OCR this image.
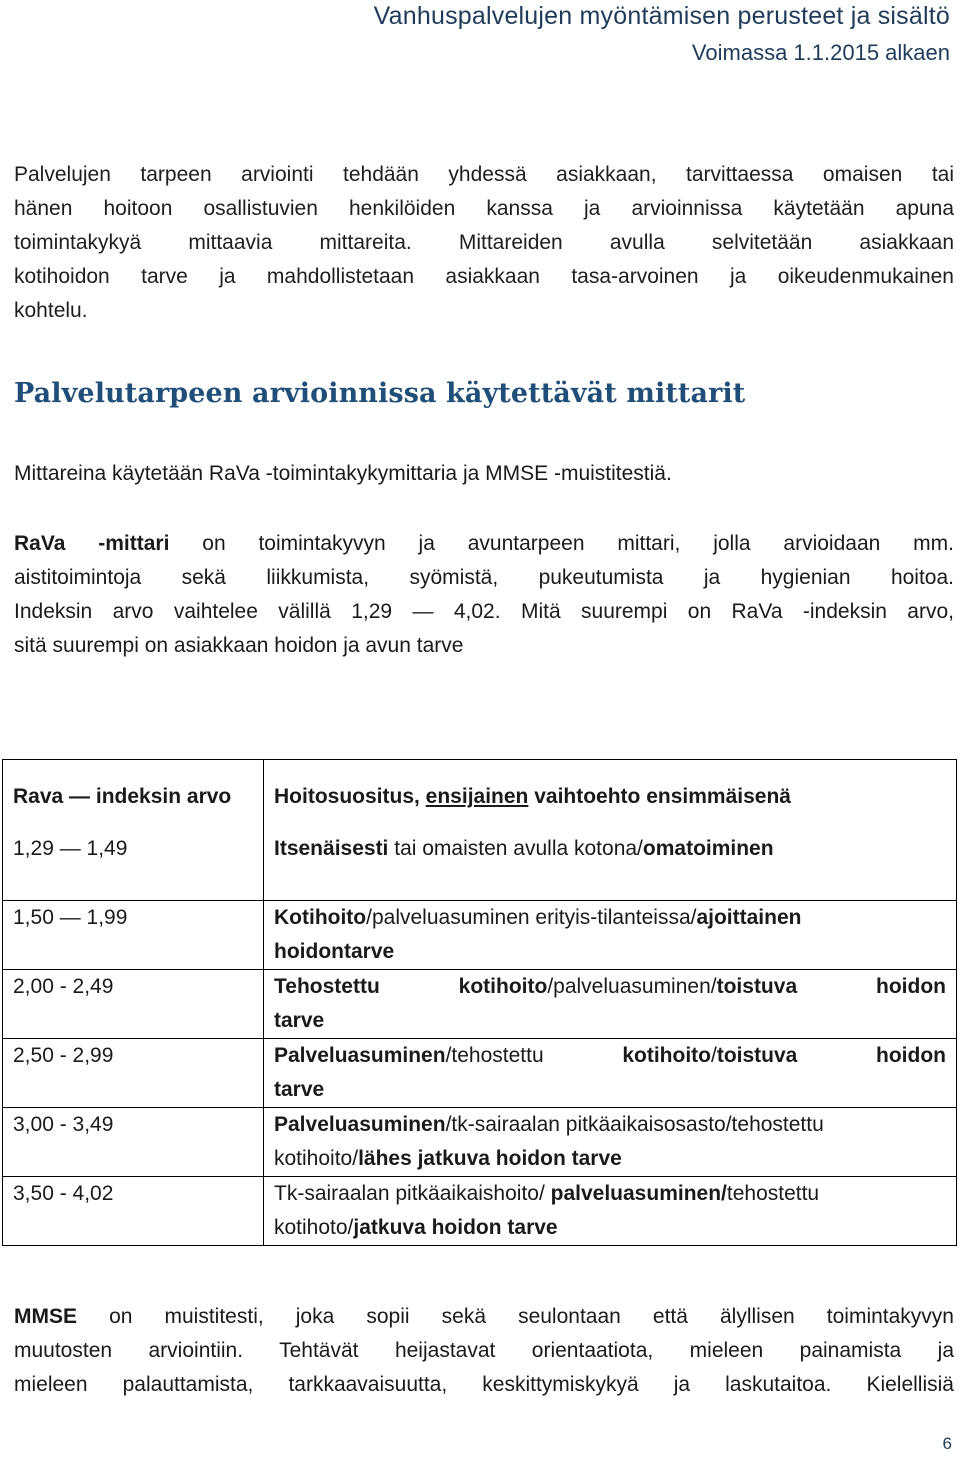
Vanhuspalvelujen myöntämisen perusteet ja sisältö
Voimassa 1.1.2015 alkaen
Palvelujen tarpeen arviointi tehdään yhdessä asiakkaan, tarvittaessa omaisen tai
hänen hoitoon osallistuvien henkilöiden kanssa ja arvioinnissa käytetään apuna
toimintakykyä mittaavia mittareita. Mittareiden avulla selvitetään asiakkaan
kotihoidon tarve ja mahdollistetaan asiakkaan tasa-arvoinen ja oikeudenmukainen
kohtelu.
Palvelutarpeen arvioinnissa käytettävät mittarit
Mittareina käytetään RaVa -toimintakykymittaria ja MMSE -muistitestiä.
RaVa -mittari on toimintakyvyn ja avuntarpeen mittari, jolla arvioidaan mm.
aistitoimintoja sekä liikkumista, syömistä, pukeutumista ja hygienian hoitoa.
Indeksin arvo vaihtelee välillä 1,29 — 4,02. Mitä suurempi on RaVa -indeksin arvo,
sitä suurempi on asiakkaan hoidon ja avun tarve
Rava — indeksin arvo	Hoitosuositus, ensijainen vaihtoehto ensimmäisenä
1,29 — 1,49	Itsenäisesti tai omaisten avulla kotona/omatoiminen
1,50 — 1,99	Kotihoito/palveluasuminen erityis-tilanteissa/ajoittainen
hoidontarve
2,00 - 2,49	Tehostettu kotihoito/palveluasuminen/toistuva hoidon
tarve
2,50 - 2,99	Palveluasuminen/tehostettu kotihoito/toistuva hoidon
tarve
3,00 - 3,49	Palveluasuminen/tk-sairaalan pitkäaikaisosasto/tehostettu
kotihoito/lähes jatkuva hoidon tarve
3,50 - 4,02	Tk-sairaalan pitkäaikaishoito/ palveluasuminen/tehostettu
kotihoto/jatkuva hoidon tarve
MMSE on muistitesti, joka sopii sekä seulontaan että älyllisen toimintakyvyn
muutosten arviointiin. Tehtävät heijastavat orientaatiota, mieleen painamista ja
mieleen palauttamista, tarkkaavaisuutta, keskittymiskykyä ja laskutaitoa. Kielellisiä
6
